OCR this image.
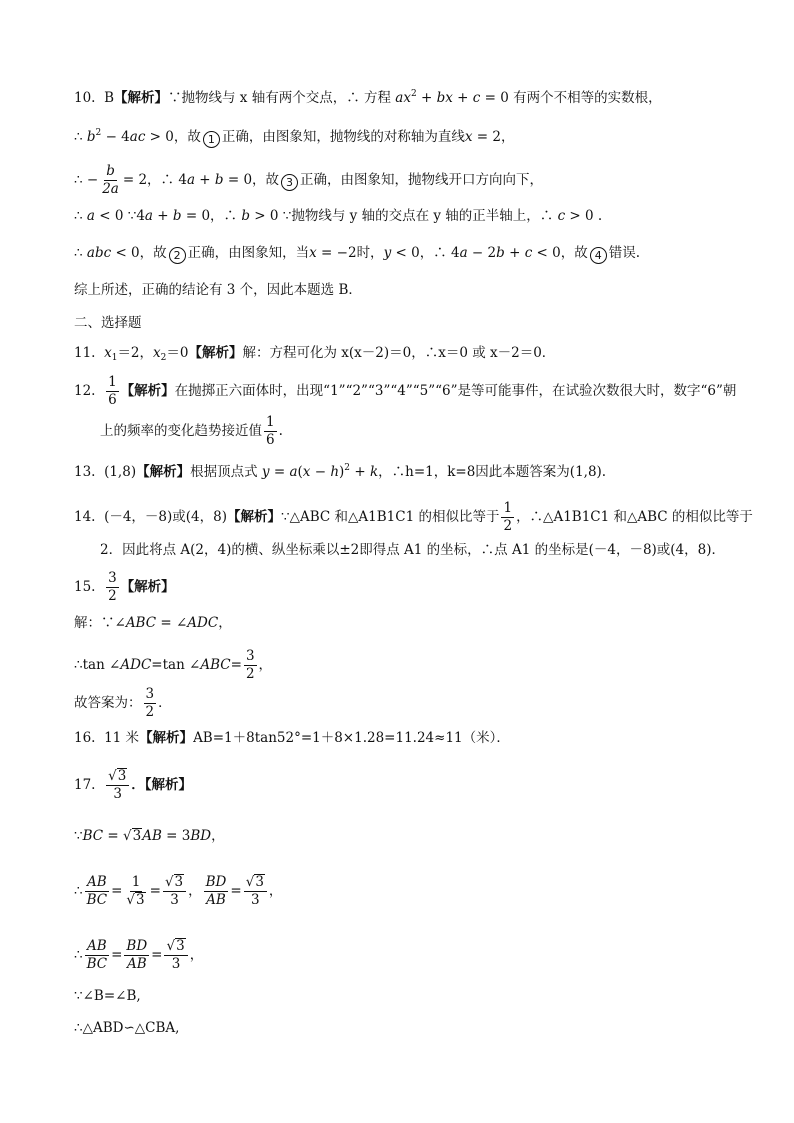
10. B【解析】∵抛物线与 x 轴有两个交点，∴ 方程 $ax^2$ + bx + c = 0 有两个不相等的实数根，
∴ $b^2 - 4ac > 0$，故 1 正确，由图象知，抛物线的对称轴为直线x = 2，
∴ − $\frac{b}{2a} = 2$，∴ 4a + b = 0，故 3 正确，由图象知，抛物线开口方向向下，
∴ a < 0 ∵4a + b = 0，∴ b > 0 ∵抛物线与 y 轴的交点在 y 轴的正半轴上，∴ c > 0 .
∴ abc < 0，故 2 正确，由图象知，当x = −2时，y < 0，∴ 4a − 2b + c < 0，故 4 错误.
综上所述，正确的结论有 3 个，因此本题选 B．
二、选择题
11. $x_1=2$，$x_2=0$【解析】解：方程可化为 x(x－2)＝0，∴x＝0 或 x－2＝0．
12. $\frac{1}{6}$ 【解析】在抛掷正六面体时，出现“1”“2”“3”“4”“5”“6”是等可能事件，在试验次数很大时，数字“6”朝
上的频率的变化趋势接近值 $\frac{1}{6}$ .
13. (1,8)【解析】根据顶点式 $y = a(x - h)^2 + k$，∴h=1，k=8因此本题答案为(1,8).
14. (－4，－8)或(4，8)【解析】∵△ABC 和△A1B1C1 的相似比等于 $\frac{1}{2}$ ，∴△A1B1C1 和△ABC 的相似比等于
2．因此将点 A(2，4)的横、纵坐标乘以±2即得点 A1 的坐标，∴点 A1 的坐标是(－4，－8)或(4，8)．
15. $\frac{3}{2}$ 【解析】
解：∵∠ABC = ∠ADC，
∴tan ∠ADC=tan ∠ABC= $\frac{3}{2}$ ，
故答案为： $\frac{3}{2}$ ．
16. 11 米【解析】AB=1＋8tan52°=1＋8×1.28=11.24≈11（米）．
17. $\frac{√3}{3}$ ．【解析】
∵BC = √3AB = 3BD，
∴ $\frac{AB}{BC} = \frac{1}{√3} = \frac{√3}{3}$ ， $\frac{BD}{AB} = \frac{√3}{3}$ ，
∴ $\frac{AB}{BC} = \frac{BD}{AB} = \frac{√3}{3}$ ，
∵∠B=∠B,
∴△ABD∽△CBA,
